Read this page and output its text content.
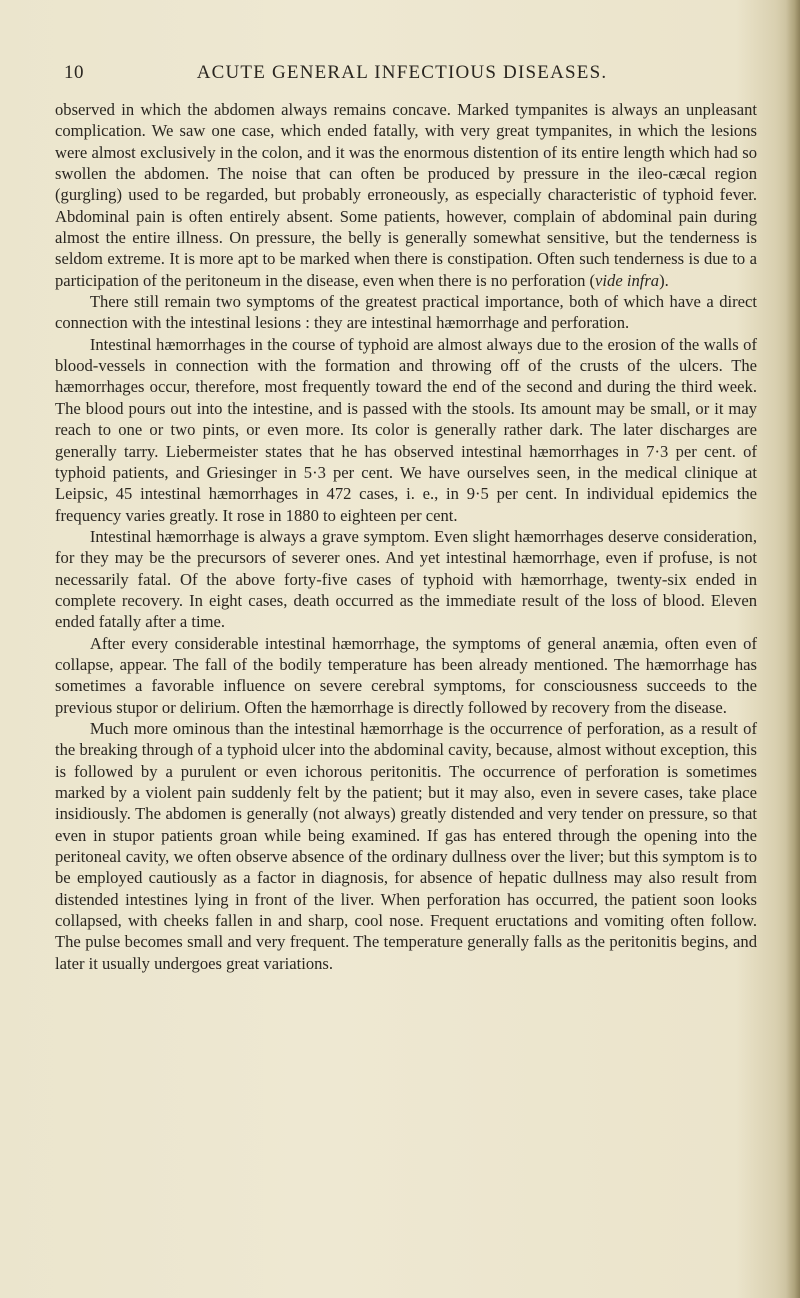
10	ACUTE GENERAL INFECTIOUS DISEASES.

observed in which the abdomen always remains concave. Marked tympanites is always an unpleasant complication. We saw one case, which ended fatally, with very great tympanites, in which the lesions were almost exclusively in the colon, and it was the enormous distention of its entire length which had so swollen the abdomen. The noise that can often be produced by pressure in the ileo-cæcal region (gurgling) used to be regarded, but probably erroneously, as especially characteristic of typhoid fever. Abdominal pain is often entirely absent. Some patients, however, complain of abdominal pain during almost the entire illness. On pressure, the belly is generally somewhat sensitive, but the tenderness is seldom extreme. It is more apt to be marked when there is constipation. Often such tenderness is due to a participation of the peritoneum in the disease, even when there is no perforation (vide infra).

There still remain two symptoms of the greatest practical importance, both of which have a direct connection with the intestinal lesions : they are intestinal hæmorrhage and perforation.

Intestinal hæmorrhages in the course of typhoid are almost always due to the erosion of the walls of blood-vessels in connection with the formation and throwing off of the crusts of the ulcers. The hæmorrhages occur, therefore, most frequently toward the end of the second and during the third week. The blood pours out into the intestine, and is passed with the stools. Its amount may be small, or it may reach to one or two pints, or even more. Its color is generally rather dark. The later discharges are generally tarry. Liebermeister states that he has observed intestinal hæmorrhages in 7·3 per cent. of typhoid patients, and Griesinger in 5·3 per cent. We have ourselves seen, in the medical clinique at Leipsic, 45 intestinal hæmorrhages in 472 cases, i. e., in 9·5 per cent. In individual epidemics the frequency varies greatly. It rose in 1880 to eighteen per cent.

Intestinal hæmorrhage is always a grave symptom. Even slight hæmorrhages deserve consideration, for they may be the precursors of severer ones. And yet intestinal hæmorrhage, even if profuse, is not necessarily fatal. Of the above forty-five cases of typhoid with hæmorrhage, twenty-six ended in complete recovery. In eight cases, death occurred as the immediate result of the loss of blood. Eleven ended fatally after a time.

After every considerable intestinal hæmorrhage, the symptoms of general anæmia, often even of collapse, appear. The fall of the bodily temperature has been already mentioned. The hæmorrhage has sometimes a favorable influence on severe cerebral symptoms, for consciousness succeeds to the previous stupor or delirium. Often the hæmorrhage is directly followed by recovery from the disease.

Much more ominous than the intestinal hæmorrhage is the occurrence of perforation, as a result of the breaking through of a typhoid ulcer into the abdominal cavity, because, almost without exception, this is followed by a purulent or even ichorous peritonitis. The occurrence of perforation is sometimes marked by a violent pain suddenly felt by the patient; but it may also, even in severe cases, take place insidiously. The abdomen is generally (not always) greatly distended and very tender on pressure, so that even in stupor patients groan while being examined. If gas has entered through the opening into the peritoneal cavity, we often observe absence of the ordinary dullness over the liver; but this symptom is to be employed cautiously as a factor in diagnosis, for absence of hepatic dullness may also result from distended intestines lying in front of the liver. When perforation has occurred, the patient soon looks collapsed, with cheeks fallen in and sharp, cool nose. Frequent eructations and vomiting often follow. The pulse becomes small and very frequent. The temperature generally falls as the peritonitis begins, and later it usually undergoes great variations.
